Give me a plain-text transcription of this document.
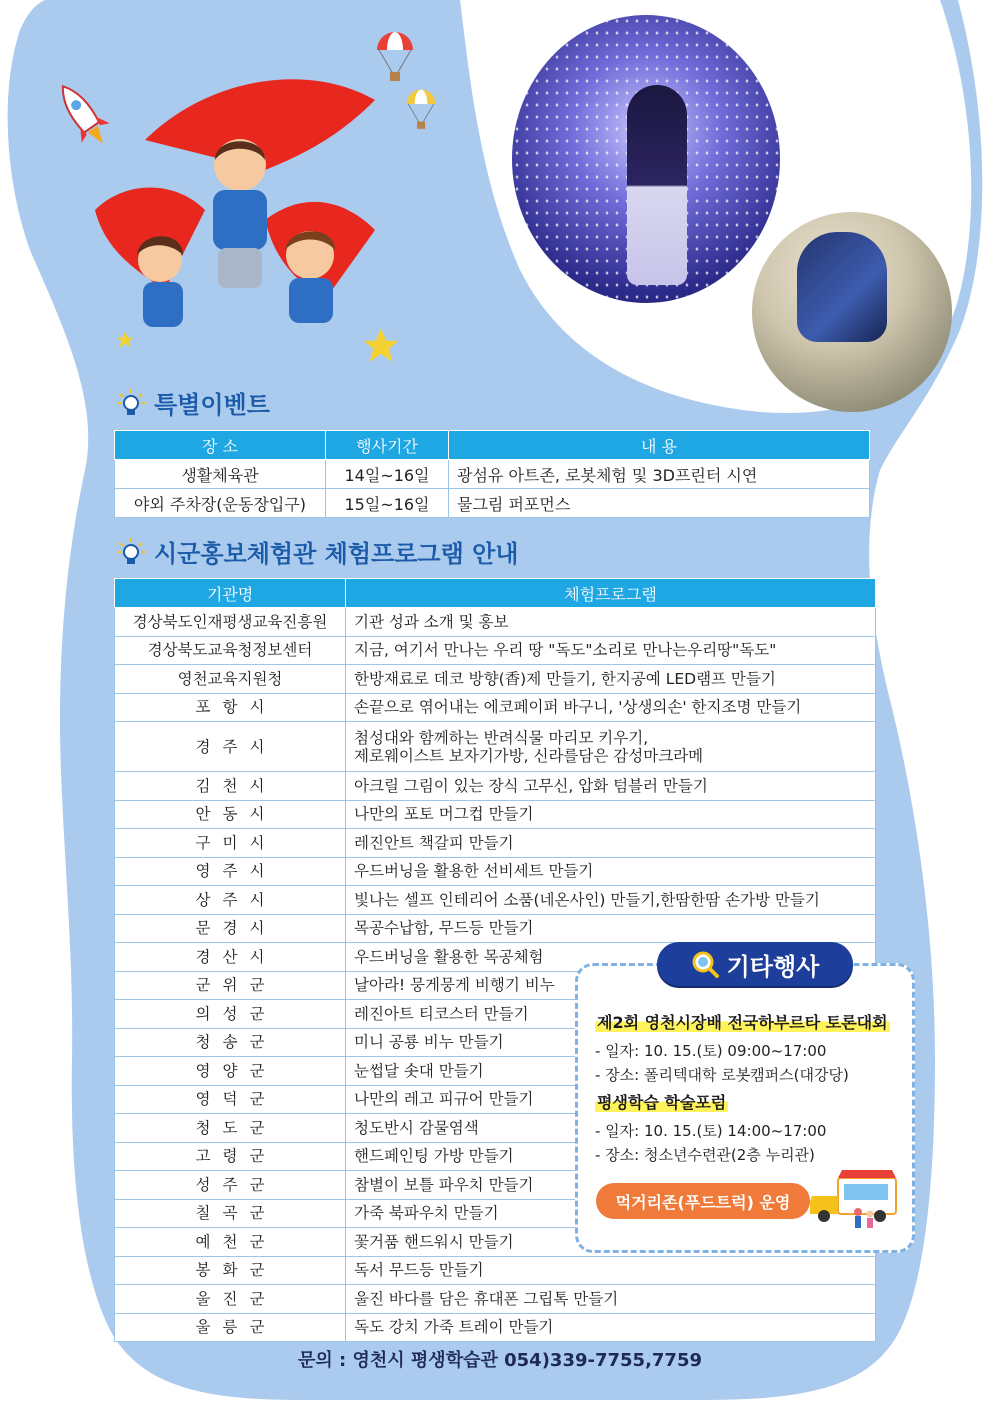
특별이벤트
장 소	행사기간	내 용
생활체육관	14일~16일	광섬유 아트존, 로봇체험 및 3D프린터 시연
야외 주차장(운동장입구)	15일~16일	물그림 퍼포먼스
시군홍보체험관 체험프로그램 안내
기관명	체험프로그램
경상북도인재평생교육진흥원	기관 성과 소개 및 홍보
경상북도교육청정보센터	지금, 여기서 만나는 우리 땅 "독도"소리로 만나는우리땅"독도"
영천교육지원청	한방재료로 데코 방향(香)제 만들기, 한지공예 LED램프 만들기
포항시	손끝으로 엮어내는 에코페이퍼 바구니, '상생의손' 한지조명 만들기
경주시	첨성대와 함께하는 반려식물 마리모 키우기,
제로웨이스트 보자기가방, 신라를담은 감성마크라메

김천시	아크릴 그림이 있는 장식 고무신, 압화 텀블러 만들기
안동시	나만의 포토 머그컵 만들기
구미시	레진안트 책갈피 만들기
영주시	우드버닝을 활용한 선비세트 만들기
상주시	빛나는 셀프 인테리어 소품(네온사인) 만들기,한땀한땀 손가방 만들기
문경시	목공수납함, 무드등 만들기
경산시	우드버닝을 활용한 목공체험
군위군	날아라! 뭉게뭉게 비행기 비누
의성군	레진아트 티코스터 만들기
청송군	미니 공룡 비누 만들기
영양군	눈썹달 솟대 만들기
영덕군	나만의 레고 피규어 만들기
청도군	청도반시 감물염색
고령군	핸드페인팅 가방 만들기
성주군	참별이 보틀 파우치 만들기
칠곡군	가죽 북파우치 만들기
예천군	꽃거품 핸드워시 만들기
봉화군	독서 무드등 만들기
울진군	울진 바다를 담은 휴대폰 그립톡 만들기
울릉군	독도 강치 가죽 트레이 만들기
기타행사
제2회 영천시장배 전국하부르타 토론대회
- 일자: 10. 15.(토) 09:00~17:00
- 장소: 폴리텍대학 로봇캠퍼스(대강당)
평생학습 학술포럼
- 일자: 10. 15.(토) 14:00~17:00
- 장소: 청소년수련관(2층 누리관)
먹거리존(푸드트럭) 운영
문의 : 영천시 평생학습관 054)339-7755,7759
